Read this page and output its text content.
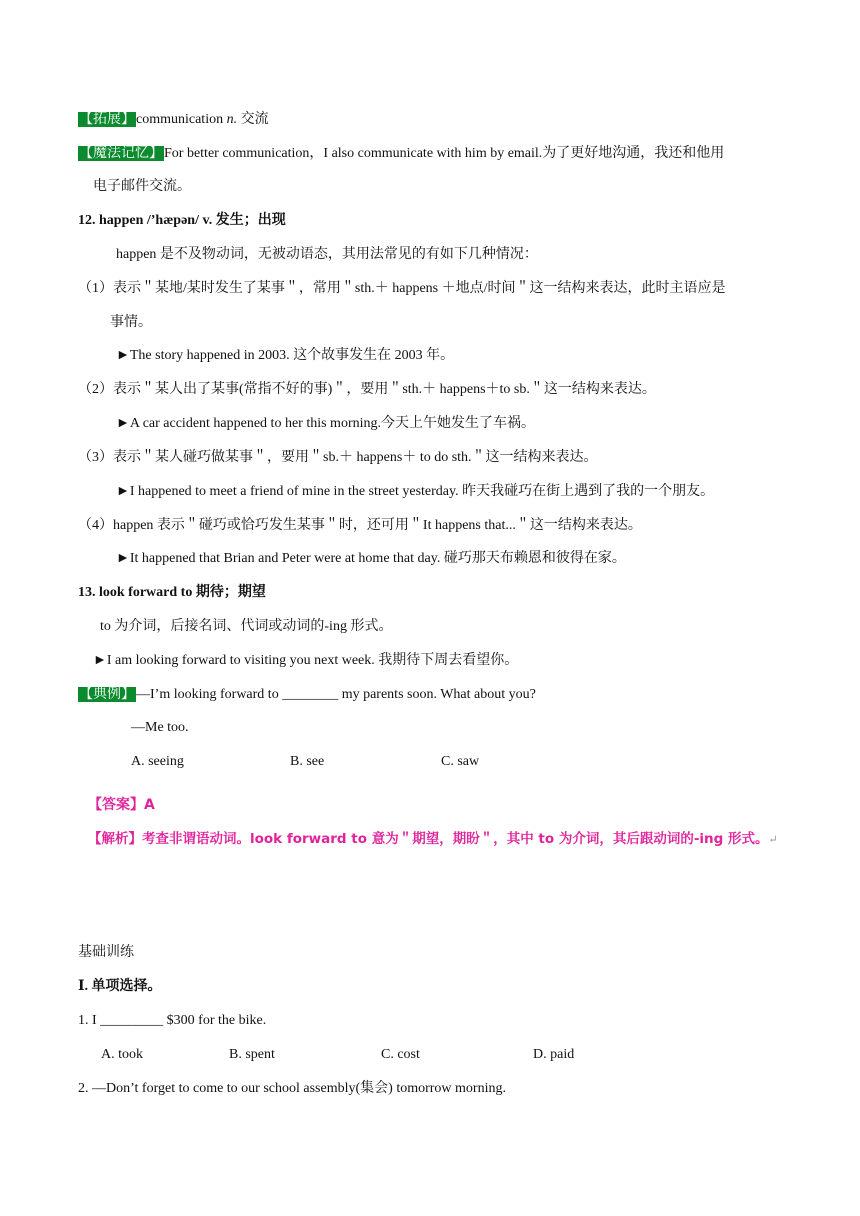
【拓展】communication n. 交流
【魔法记忆】For better communication，I also communicate with him by email.为了更好地沟通，我还和他用
电子邮件交流。
12. happen /’hæpən/ v. 发生；出现
happen 是不及物动词，无被动语态，其用法常见的有如下几种情况：
（1）表示＂某地/某时发生了某事＂，常用＂sth.＋ happens ＋地点/时间＂这一结构来表达，此时主语应是
事情。
►The story happened in 2003. 这个故事发生在 2003 年。
（2）表示＂某人出了某事(常指不好的事)＂，要用＂sth.＋ happens＋to sb.＂这一结构来表达。
►A car accident happened to her this morning.今天上午她发生了车祸。
（3）表示＂某人碰巧做某事＂，要用＂sb.＋ happens＋ to do sth.＂这一结构来表达。
►I happened to meet a friend of mine in the street yesterday. 昨天我碰巧在街上遇到了我的一个朋友。
（4）happen 表示＂碰巧或恰巧发生某事＂时，还可用＂It happens that...＂这一结构来表达。
►It happened that Brian and Peter were at home that day. 碰巧那天布赖恩和彼得在家。
13. look forward to 期待；期望
to 为介词，后接名词、代词或动词的-ing 形式。
►I am looking forward to visiting you next week. 我期待下周去看望你。
【典例】—I’m looking forward to ________ my parents soon. What about you?
—Me too.
A. seeing	B. see	C. saw
【答案】A
【解析】考查非谓语动词。look forward to 意为＂期望，期盼＂，其中 to 为介词，其后跟动词的-ing 形式。↵
基础训练
Ⅰ. 单项选择。
1. I _________ $300 for the bike.
A. took	B. spent	C. cost	D. paid
2. —Don’t forget to come to our school assembly(集会) tomorrow morning.
